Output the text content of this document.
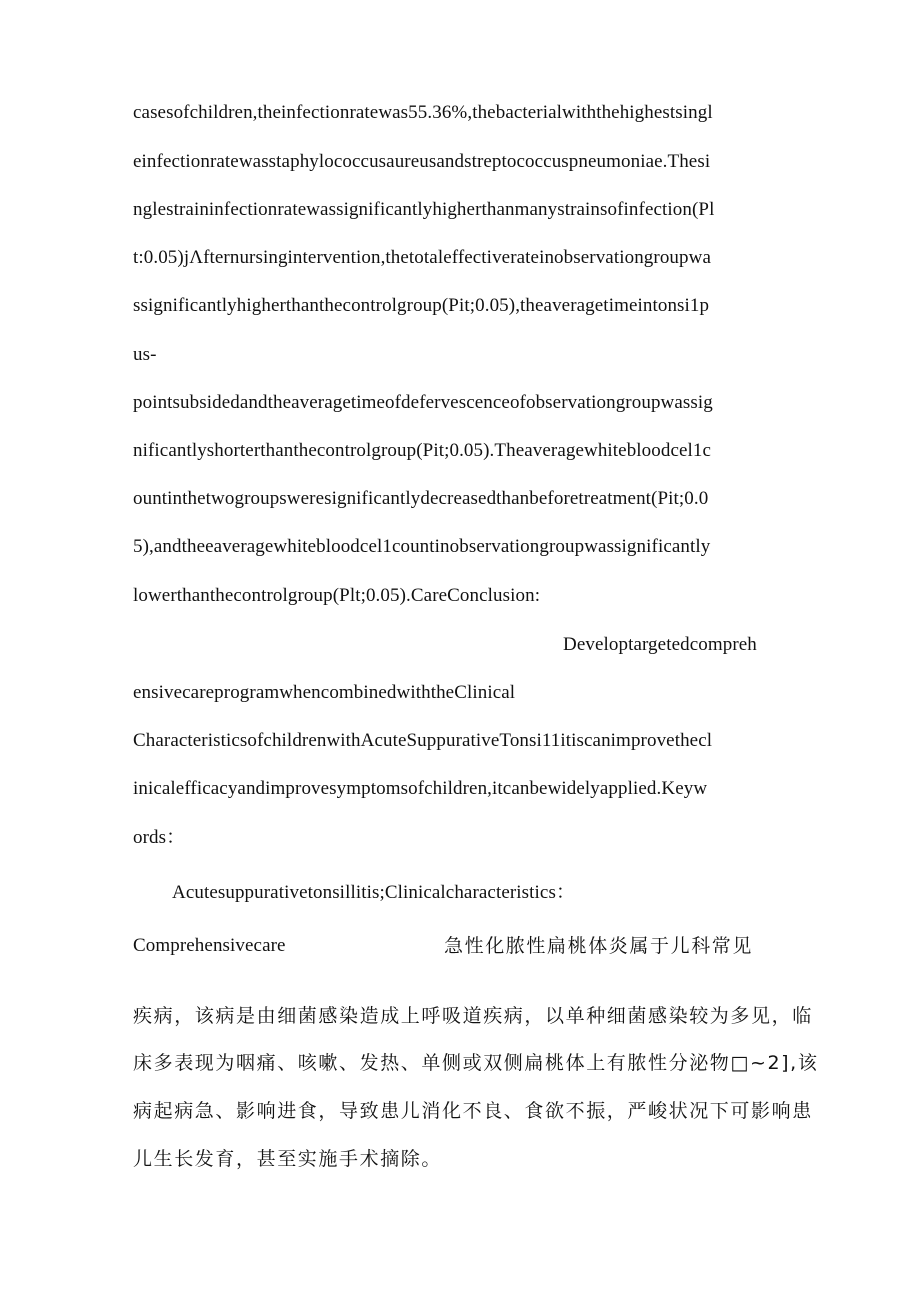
casesofchildren,theinfectionratewas55.36%,thebacterialwiththehighestsingl
einfectionratewasstaphylococcusaureusandstreptococcuspneumoniae.Thesi
nglestraininfectionratewassignificantlyhigherthanmanystrainsofinfection(Pl
t:0.05)jΛfternursingintervention,thetotaleffectiverateinobservationgroupwa
ssignificantlyhigherthanthecontrolgroup(Pit;0.05),theaveragetimeintonsi1p
us-
pointsubsidedandtheaveragetimeofdefervescenceofobservationgroupwassig
nificantlyshorterthanthecontrolgroup(Pit;0.05).Theaveragewhitebloodcel1c
ountinthetwogroupsweresignificantlydecreasedthanbeforetreatment(Pit;0.0
5),andtheeaveragewhitebloodcel1countinobservationgroupwassignificantly
lowerthanthecontrolgroup(Plt;0.05).CareConclusion:
Developtargetedcompreh
ensivecareprogramwhencombinedwiththeClinical
CharacteristicsofchildrenwithAcuteSuppurativeTonsi11itiscanimprovethecl
inicalefficacyandimprovesymptomsofchildren,itcanbewidelyapplied.Keyw
ords：
Acutesuppurativetonsillitis;Clinicalcharacteristics：
Comprehensivecare	急性化脓性扁桃体炎属于儿科常见
疾病，该病是由细菌感染造成上呼吸道疾病，以单种细菌感染较为多见，临
床多表现为咽痛、咳嗽、发热、单侧或双侧扁桃体上有脓性分泌物□~2],该
病起病急、影响进食，导致患儿消化不良、食欲不振，严峻状况下可影响患
儿生长发育，甚至实施手术摘除。
